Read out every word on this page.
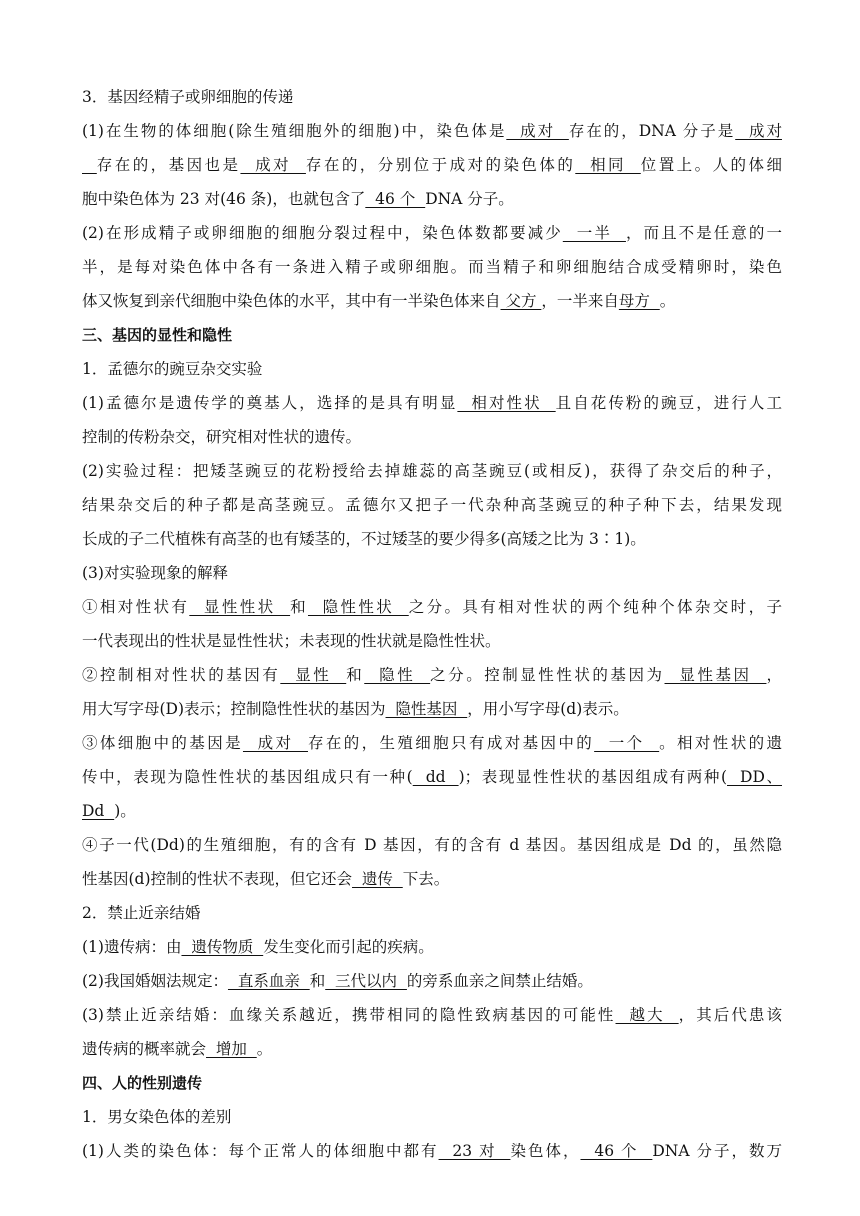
3．基因经精子或卵细胞的传递
(1)在生物的体细胞(除生殖细胞外的细胞)中，染色体是  成对  存在的，DNA 分子是  成对
存在的，基因也是  成对  存在的，分别位于成对的染色体的  相同  位置上。人的体细
胞中染色体为 23 对(46 条)，也就包含了  46 个  DNA 分子。
(2)在形成精子或卵细胞的细胞分裂过程中，染色体数都要减少  一半  ，而且不是任意的一
半，是每对染色体中各有一条进入精子或卵细胞。而当精子和卵细胞结合成受精卵时，染色
体又恢复到亲代细胞中染色体的水平，其中有一半染色体来自 父方 ，一半来自母方  。
三、基因的显性和隐性
1．孟德尔的豌豆杂交实验
(1)孟德尔是遗传学的奠基人，选择的是具有明显  相对性状  且自花传粉的豌豆，进行人工
控制的传粉杂交，研究相对性状的遗传。
(2)实验过程：把矮茎豌豆的花粉授给去掉雄蕊的高茎豌豆(或相反)，获得了杂交后的种子，
结果杂交后的种子都是高茎豌豆。孟德尔又把子一代杂种高茎豌豆的种子种下去，结果发现
长成的子二代植株有高茎的也有矮茎的，不过矮茎的要少得多(高矮之比为 3∶1)。
(3)对实验现象的解释
①相对性状有  显性性状  和  隐性性状  之分。具有相对性状的两个纯种个体杂交时，子
一代表现出的性状是显性性状；未表现的性状就是隐性性状。
②控制相对性状的基因有  显性  和  隐性  之分。控制显性性状的基因为  显性基因  ，
用大写字母(D)表示；控制隐性性状的基因为  隐性基因  ，用小写字母(d)表示。
③体细胞中的基因是  成对  存在的，生殖细胞只有成对基因中的  一个  。相对性状的遗
传中，表现为隐性性状的基因组成只有一种(  dd  )；表现显性性状的基因组成有两种(  DD、
Dd  )。
④子一代(Dd)的生殖细胞，有的含有 D 基因，有的含有 d 基因。基因组成是 Dd 的，虽然隐
性基因(d)控制的性状不表现，但它还会  遗传  下去。
2．禁止近亲结婚
(1)遗传病：由  遗传物质  发生变化而引起的疾病。
(2)我国婚姻法规定：  直系血亲  和  三代以内  的旁系血亲之间禁止结婚。
(3)禁止近亲结婚：血缘关系越近，携带相同的隐性致病基因的可能性  越大  ，其后代患该
遗传病的概率就会  增加  。
四、人的性别遗传
1．男女染色体的差别
(1)人类的染色体：每个正常人的体细胞中都有  23 对  染色体，  46 个  DNA 分子，数万
